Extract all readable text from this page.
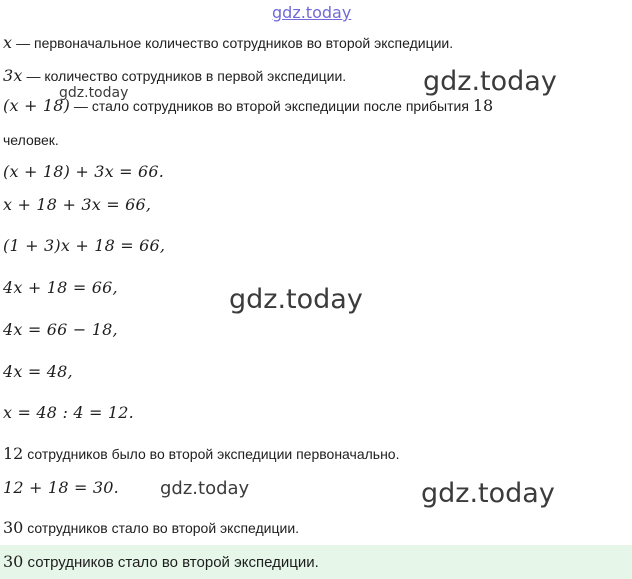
gdz.today
gdz.today
gdz.today
gdz.today
gdz.today	gdz.today
x — первоначальное количество сотрудников во второй экспедиции.
3x — количество сотрудников в первой экспедиции.
(x + 18) — стало сотрудников во второй экспедиции после прибытия 18
человек.
(x + 18) + 3x = 66.
x + 18 + 3x = 66,
(1 + 3)x + 18 = 66,
4x + 18 = 66,
4x = 66 − 18,
4x = 48,
x = 48 : 4 = 12.
12 сотрудников было во второй экспедиции первоначально.
12 + 18 = 30.
30 сотрудников стало во второй экспедиции.
30 сотрудников стало во второй экспедиции.
